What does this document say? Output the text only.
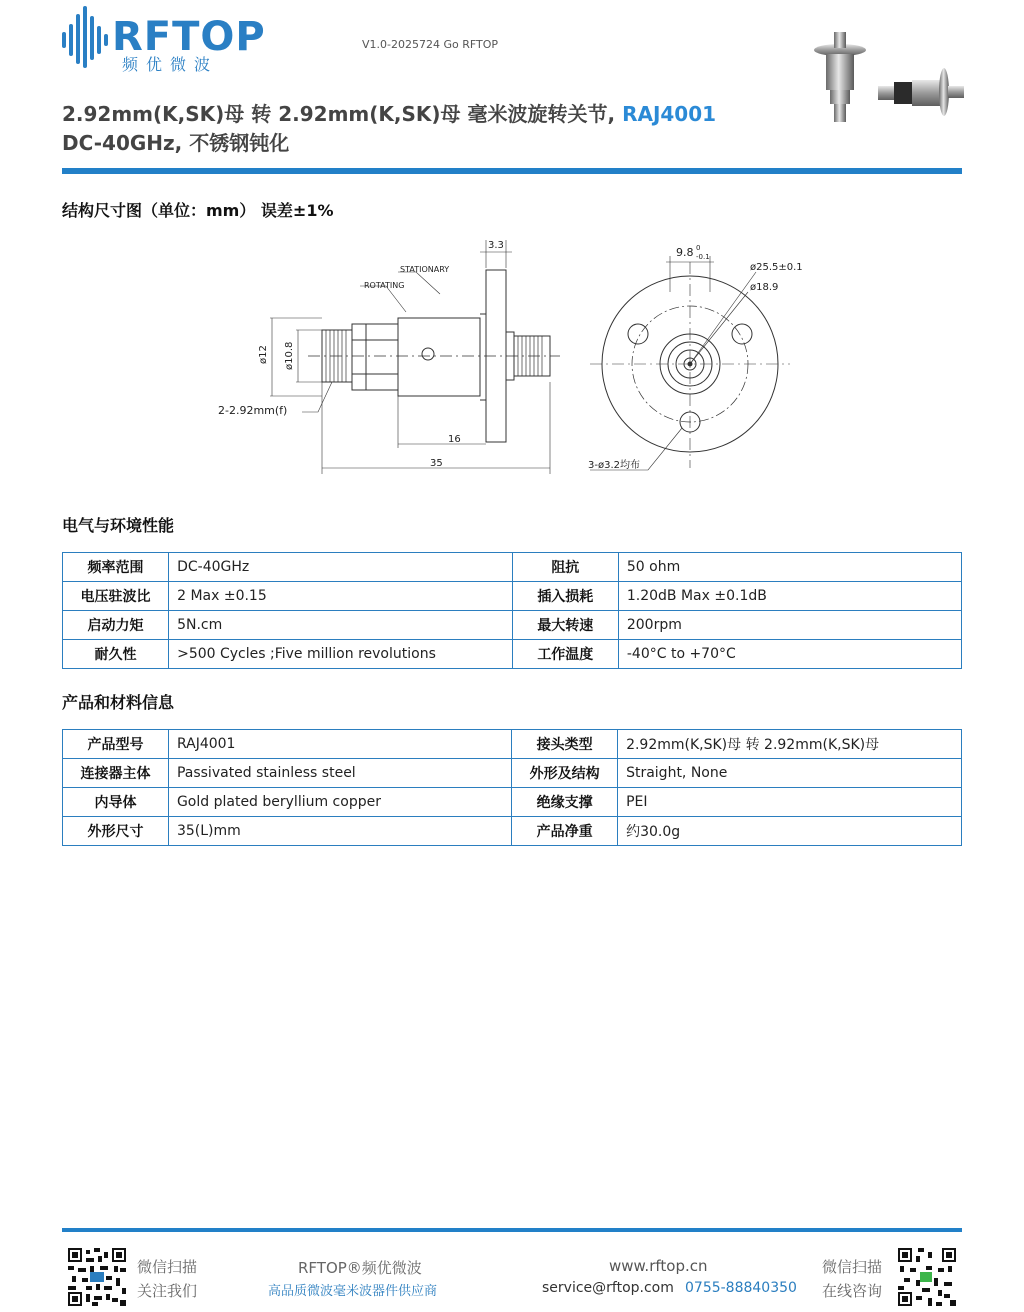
RFTOP
频优微波
V1.0-2025724 Go RFTOP
2.92mm(K,SK)母 转 2.92mm(K,SK)母 毫米波旋转关节, RAJ4001
DC-40GHz, 不锈钢钝化
结构尺寸图（单位：mm） 误差±1%
STATIONARY
ROTATING
3.3
ø12 ø10.8
2-2.92mm(f)
16
35
9.8 0
-0.1
ø25.5±0.1
ø18.9
3-ø3.2均布
电气与环境性能
频率范围	DC-40GHz	阻抗	50 ohm
电压驻波比	2 Max ±0.15	插入损耗	1.20dB Max ±0.1dB
启动力矩	5N.cm	最大转速	200rpm
耐久性	>500 Cycles ;Five million revolutions	工作温度	-40°C to +70°C
产品和材料信息
产品型号	RAJ4001	接头类型	2.92mm(K,SK)母 转 2.92mm(K,SK)母
连接器主体	Passivated stainless steel	外形及结构	Straight, None
内导体	Gold plated beryllium copper	绝缘支撑	PEI
外形尺寸	35(L)mm	产品净重	约30.0g
微信扫描
关注我们
RFTOP®频优微波
高品质微波毫米波器件供应商
www.rftop.cn
service@rftop.com 0755-88840350
微信扫描
在线咨询
